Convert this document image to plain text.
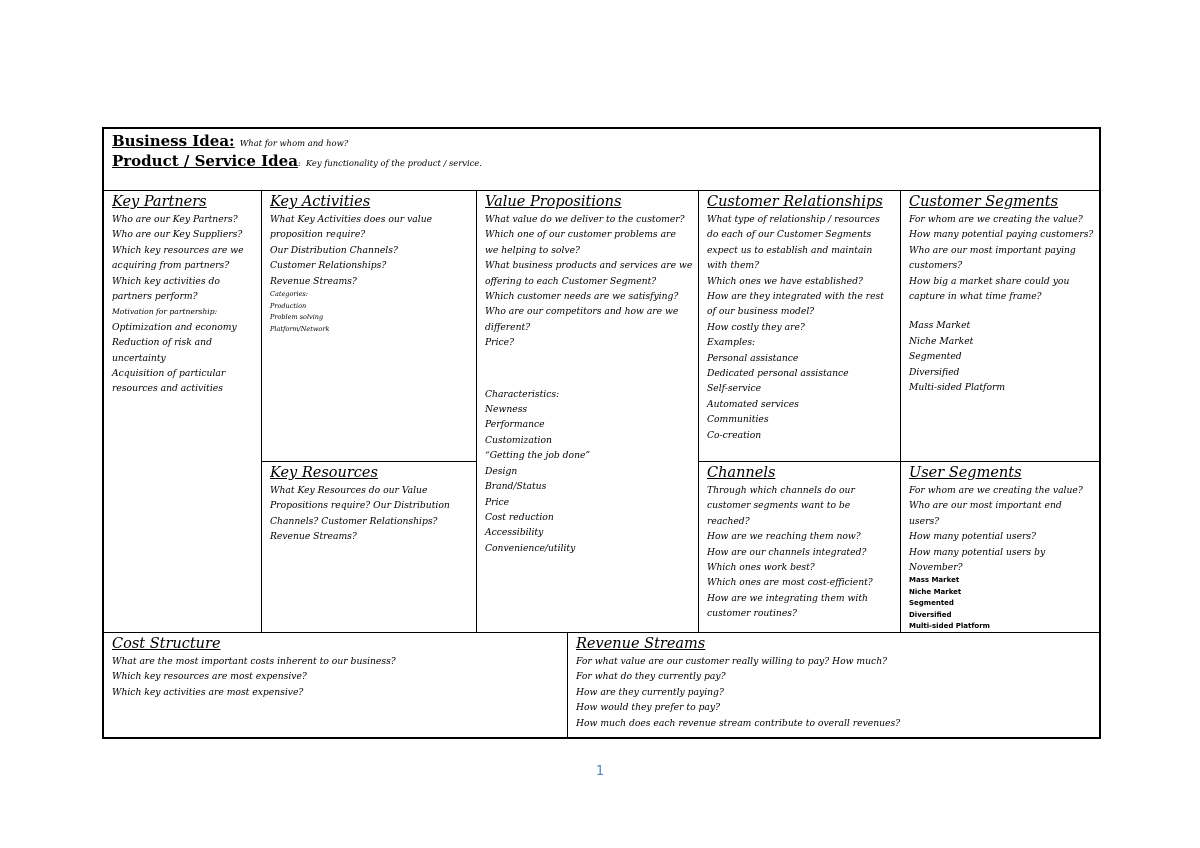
Business Idea: What for whom and how?
Product / Service Idea: Key functionality of the product / service.
Key Partners

Who are our Key Partners?

Who are our Key Suppliers?

Which key resources are we

acquiring from partners?

Which key activities do

partners perform?

Motivation for partnership:

Optimization and economy

Reduction of risk and

uncertainty

Acquisition of particular

resources and activities

Key Activities

What Key Activities does our value

proposition require?

Our Distribution Channels?

Customer Relationships?

Revenue Streams?

Categories:

Production

Problem solving

Platform/Network

Key Resources

What Key Resources do our Value

Propositions require? Our Distribution

Channels? Customer Relationships?

Revenue Streams?

Value Propositions

What value do we deliver to the customer?

Which one of our customer problems are

we helping to solve?

What business products and services are we

offering to each Customer Segment?

Which customer needs are we satisfying?

Who are our competitors and how are we

different?

Price?

Characteristics:

Newness

Performance

Customization

“Getting the job done”

Design

Brand/Status

Price

Cost reduction

Accessibility

Convenience/utility

Customer Relationships

What type of relationship / resources

do each of our Customer Segments

expect us to establish and maintain

with them?

Which ones we have established?

How are they integrated with the rest

of our business model?

How costly they are?

Examples:

Personal assistance

Dedicated personal assistance

Self-service

Automated services

Communities

Co-creation

Channels

Through which channels do our

customer segments want to be

reached?

How are we reaching them now?

How are our channels integrated?

Which ones work best?

Which ones are most cost-efficient?

How are we integrating them with

customer routines?

Customer Segments

For whom are we creating the value?

How many potential paying customers?

Who are our most important paying

customers?

How big a market share could you

capture in what time frame?

Mass Market

Niche Market

Segmented

Diversified

Multi-sided Platform

User Segments

For whom are we creating the value?

Who are our most important end

users?

How many potential users?

How many potential users by

November?

Mass Market

Niche Market

Segmented

Diversified

Multi-sided Platform

Cost Structure

What are the most important costs inherent to our business?

Which key resources are most expensive?

Which key activities are most expensive?

Revenue Streams

For what value are our customer really willing to pay? How much?

For what do they currently pay?

How are they currently paying?

How would they prefer to pay?

How much does each revenue stream contribute to overall revenues?

1
